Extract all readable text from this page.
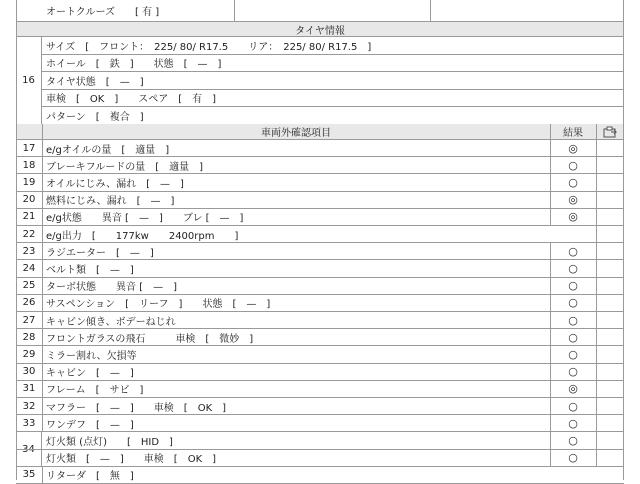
オートクルーズ　　[ 有 ]
タイヤ情報
16
サイズ　[　フロント：　225/ 80/ R17.5　　リア：　225/ 80/ R17.5　]
ホイール　[　鉄　]　　状態　[　—　]
タイヤ状態　[　—　]
車検　[　OK　]　　スペア　[　有　]
パターン　[　複合　]
車両外確認項目	結果
17	e/gオイルの量　[　適量　]	◎
18	ブレーキフルードの量　[　適量　]	○
19	オイルにじみ、漏れ　[　—　]	○
20	燃料にじみ、漏れ　[　—　]	◎
21	e/g状態　　異音 [　—　]　　ブレ [　—　]	◎
22	e/g出力　[　　177kw　　2400rpm　　]
23	ラジエーター　[　—　]	○
24	ベルト類　[　—　]	○
25	ターボ状態　　異音 [　—　]	○
26	サスペンション　[　リーフ　]　　状態　[　—　]	○
27	キャビン傾き、ボデーねじれ	○
28	フロントガラスの飛石　　　車検　[　微妙　]	○
29	ミラー割れ、欠損等	○
30	キャビン　[　—　]	○
31	フレーム　[　サビ　]	◎
32	マフラー　[　—　]　　車検　[　OK　]	○
33	ワンデフ　[　—　]	○
34
灯火類 (点灯)　　[　HID　]	○
灯火類　[　—　]　　車検　[　OK　]	○
35	リターダ　[　無　]
